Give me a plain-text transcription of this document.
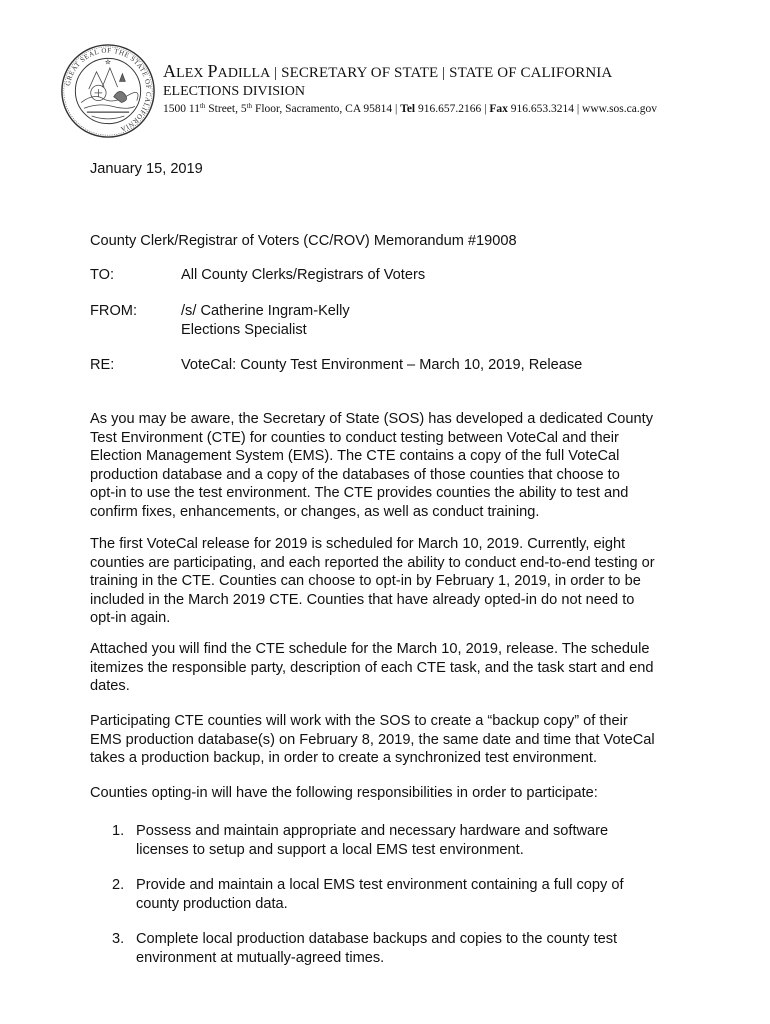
GREAT SEAL OF THE STATE OF CALIFORNIA
☆	ALEX PADILLA | SECRETARY OF STATE | STATE OF CALIFORNIA
ELECTIONS DIVISION
1500 11th Street, 5th Floor, Sacramento, CA 95814 | Tel 916.657.2166 | Fax 916.653.3214 | www.sos.ca.gov
January 15, 2019
County Clerk/Registrar of Voters (CC/ROV) Memorandum #19008
TO:	All County Clerks/Registrars of Voters
FROM:	/s/ Catherine Ingram-Kelly
Elections Specialist
RE:	VoteCal: County Test Environment – March 10, 2019, Release
As you may be aware, the Secretary of State (SOS) has developed a dedicated County
Test Environment (CTE) for counties to conduct testing between VoteCal and their
Election Management System (EMS). The CTE contains a copy of the full VoteCal
production database and a copy of the databases of those counties that choose to
opt-in to use the test environment. The CTE provides counties the ability to test and
confirm fixes, enhancements, or changes, as well as conduct training.
The first VoteCal release for 2019 is scheduled for March 10, 2019. Currently, eight
counties are participating, and each reported the ability to conduct end-to-end testing or
training in the CTE. Counties can choose to opt-in by February 1, 2019, in order to be
included in the March 2019 CTE. Counties that have already opted-in do not need to
opt-in again.
Attached you will find the CTE schedule for the March 10, 2019, release. The schedule
itemizes the responsible party, description of each CTE task, and the task start and end
dates.
Participating CTE counties will work with the SOS to create a “backup copy” of their
EMS production database(s) on February 8, 2019, the same date and time that VoteCal
takes a production backup, in order to create a synchronized test environment.
Counties opting-in will have the following responsibilities in order to participate:
1. Possess and maintain appropriate and necessary hardware and software
licenses to setup and support a local EMS test environment.
2. Provide and maintain a local EMS test environment containing a full copy of
county production data.
3. Complete local production database backups and copies to the county test
environment at mutually-agreed times.
